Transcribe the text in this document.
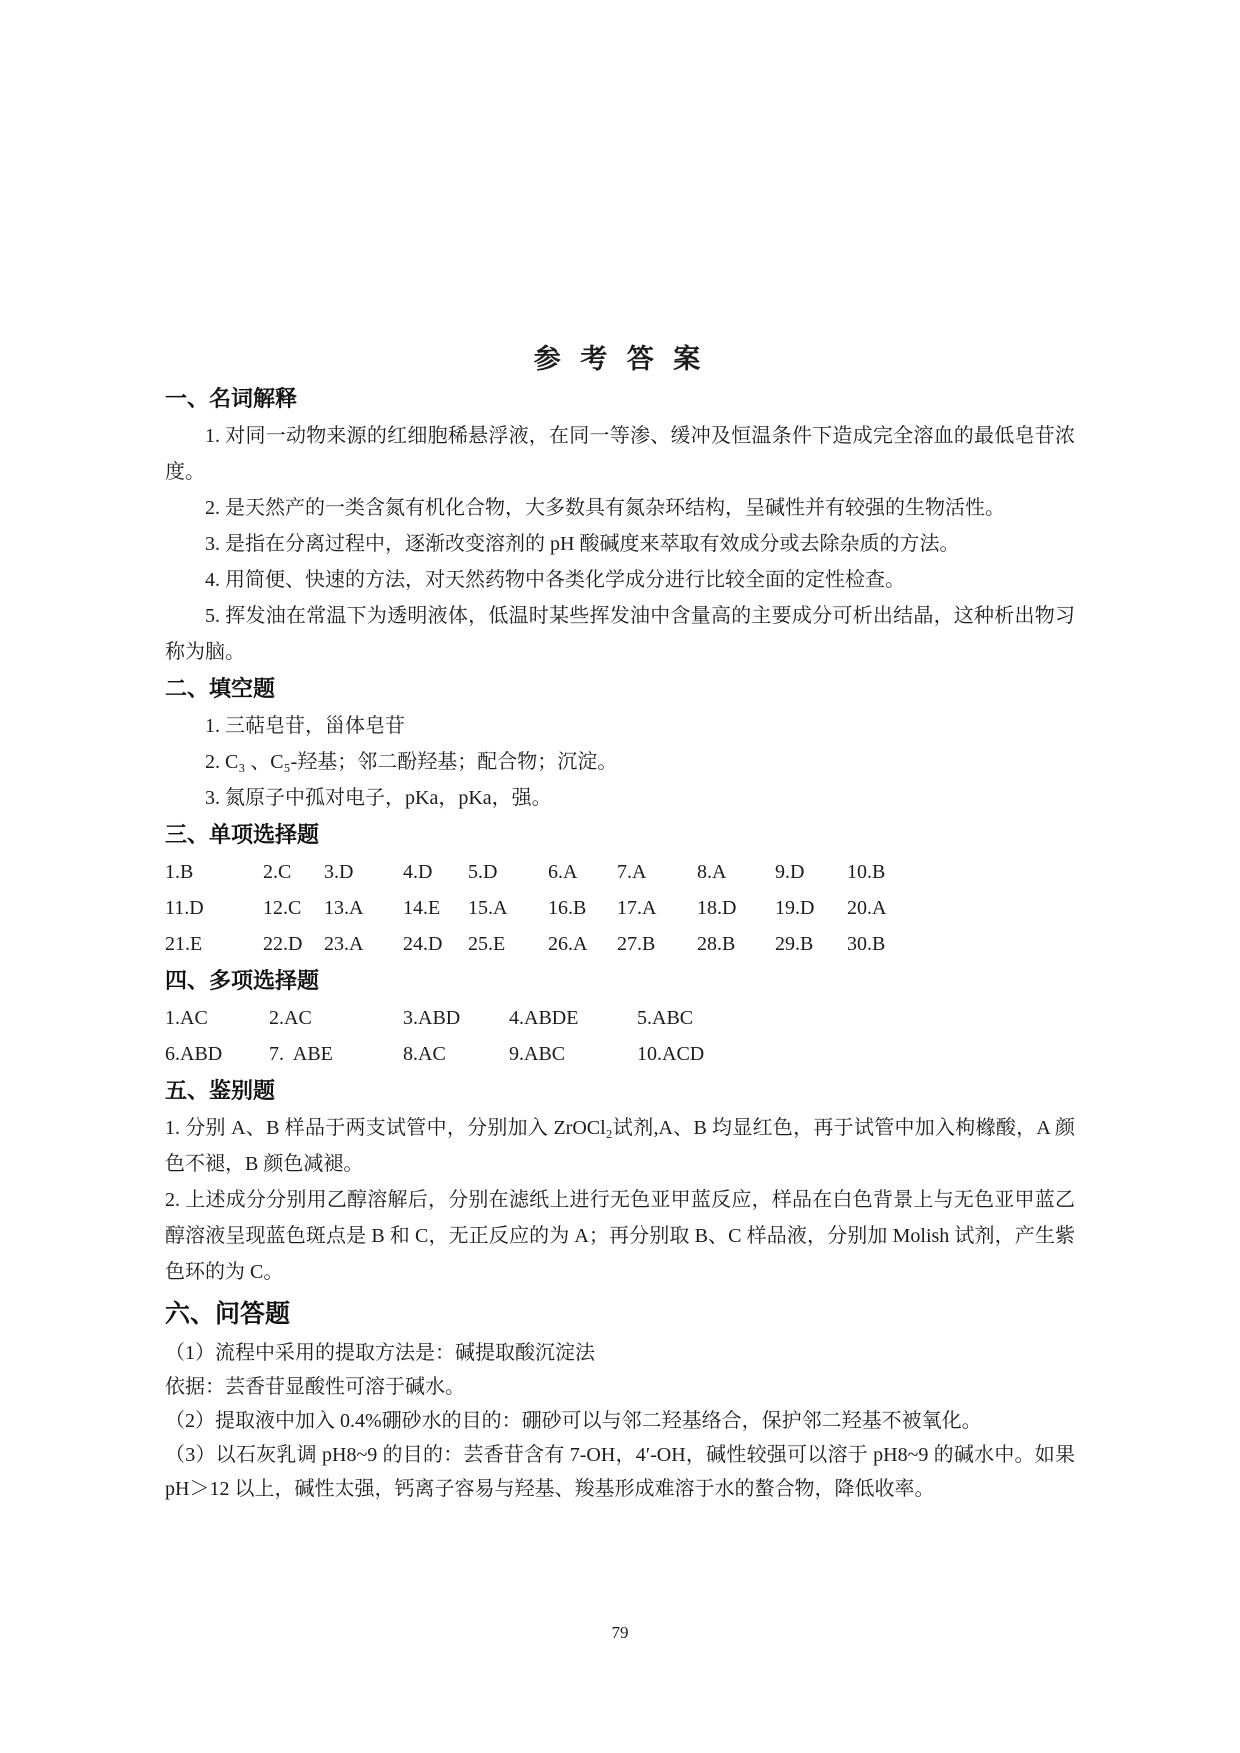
参 考 答 案
一、名词解释

1. 对同一动物来源的红细胞稀悬浮液，在同一等渗、缓冲及恒温条件下造成完全溶血的最低皂苷浓度。

2. 是天然产的一类含氮有机化合物，大多数具有氮杂环结构，呈碱性并有较强的生物活性。

3. 是指在分离过程中，逐渐改变溶剂的 pH 酸碱度来萃取有效成分或去除杂质的方法。

4. 用简便、快速的方法，对天然药物中各类化学成分进行比较全面的定性检查。

5. 挥发油在常温下为透明液体，低温时某些挥发油中含量高的主要成分可析出结晶，这种析出物习称为脑。

二、填空题

1. 三萜皂苷，甾体皂苷

2. C₃ 、C₅-羟基；邻二酚羟基；配合物；沉淀。

3. 氮原子中孤对电子，pKa，pKa，强。

三、单项选择题
1.B	2.C	3.D	4.D	5.D	6.A	7.A	8.A	9.D	10.B
11.D	12.C	13.A	14.E	15.A	16.B	17.A	18.D	19.D	20.A
21.E	22.D	23.A	24.D	25.E	26.A	27.B	28.B	29.B	30.B
四、多项选择题
1.AC	2.AC	3.ABD	4.ABDE	5.ABC
6.ABD	7.  ABE	8.AC	9.ABC	10.ACD
五、鉴别题

1. 分别 A、B 样品于两支试管中，分别加入 ZrOCl₂试剂,A、B 均显红色，再于试管中加入枸橼酸，A 颜色不褪，B 颜色减褪。

2. 上述成分分别用乙醇溶解后，分别在滤纸上进行无色亚甲蓝反应，样品在白色背景上与无色亚甲蓝乙醇溶液呈现蓝色斑点是 B 和 C，无正反应的为 A；再分别取 B、C 样品液，分别加 Molish 试剂，产生紫色环的为 C。

六、问答题

（1）流程中采用的提取方法是：碱提取酸沉淀法

依据：芸香苷显酸性可溶于碱水。

（2）提取液中加入 0.4%硼砂水的目的：硼砂可以与邻二羟基络合，保护邻二羟基不被氧化。

（3）以石灰乳调 pH8~9 的目的：芸香苷含有 7-OH，4′-OH，碱性较强可以溶于 pH8~9 的碱水中。如果 pH＞12 以上，碱性太强，钙离子容易与羟基、羧基形成难溶于水的螯合物，降低收率。

79
